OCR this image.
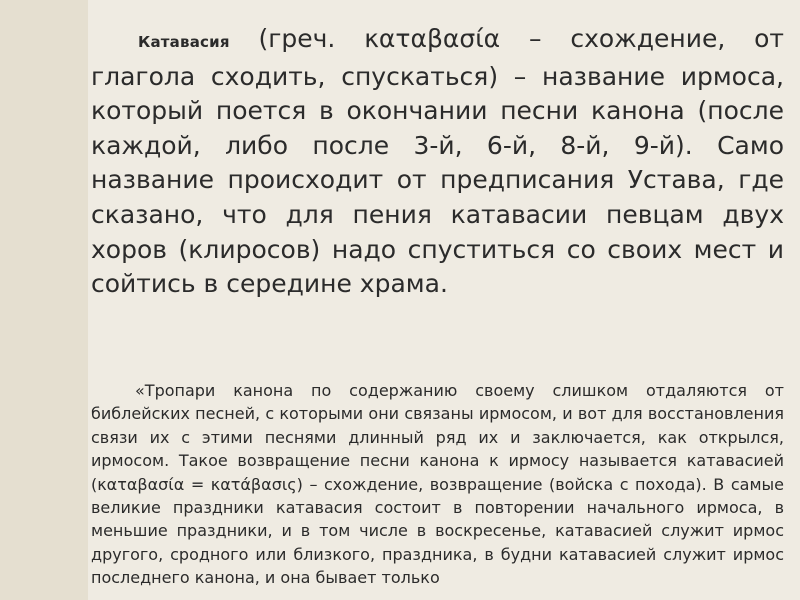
Катавасия (греч. καταβασία – схождение, от глагола сходить, спускаться) – название ирмоса, который поется в окончании песни канона (после каждой, либо после 3-й, 6-й, 8-й, 9-й). Само название происходит от предписания Устава, где сказано, что для пения катавасии певцам двух хоров (клиросов) надо спуститься со своих мест и сойтись в середине храма.

«Тропари канона по содержанию своему слишком отдаляются от библейских песней, с которыми они связаны ирмосом, и вот для восстановления связи их с этими песнями длинный ряд их и заключается, как открылся, ирмосом. Такое возвращение песни канона к ирмосу называется катавасией (καταβασία = κατάβασις) – схождение, возвращение (войска с похода). В самые великие праздники катавасия состоит в повторении начального ирмоса, в меньшие праздники, и в том числе в воскресенье, катавасией служит ирмос другого, сродного или близкого, праздника, в будни катавасией служит ирмос последнего канона, и она бывает только
